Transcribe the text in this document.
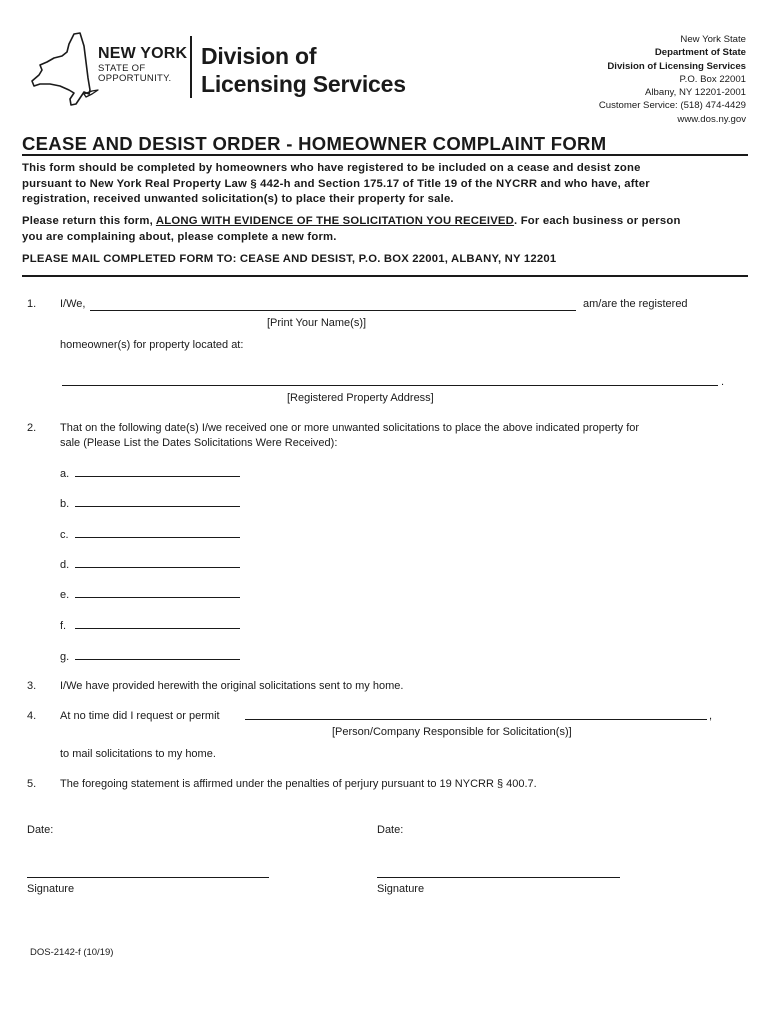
NEW YORK
STATE OF
OPPORTUNITY.
Division of
Licensing Services
New York State
Department of State
Division of Licensing Services
P.O. Box 22001
Albany, NY 12201-2001
Customer Service: (518) 474-4429
www.dos.ny.gov
CEASE AND DESIST ORDER - HOMEOWNER COMPLAINT FORM
This form should be completed by homeowners who have registered to be included on a cease and desist zone
pursuant to New York Real Property Law § 442-h and Section 175.17 of Title 19 of the NYCRR and who have, after
registration, received unwanted solicitation(s) to place their property for sale.
Please return this form, ALONG WITH EVIDENCE OF THE SOLICITATION YOU RECEIVED. For each business or person
you are complaining about, please complete a new form.
PLEASE MAIL COMPLETED FORM TO: CEASE AND DESIST, P.O. BOX 22001, ALBANY, NY 12201
1. I/We,	am/are the registered
[Print Your Name(s)]
homeowner(s) for property located at:
.
[Registered Property Address]
2. That on the following date(s) I/we received one or more unwanted solicitations to place the above indicated property for
sale (Please List the Dates Solicitations Were Received):
a.
b.
c.
d.
e.
f.
g.
3. I/We have provided herewith the original solicitations sent to my home.
4. At no time did I request or permit	,
[Person/Company Responsible for Solicitation(s)]
to mail solicitations to my home.
5. The foregoing statement is affirmed under the penalties of perjury pursuant to 19 NYCRR § 400.7.
Date:	Date:
Signature	Signature
DOS-2142-f (10/19)
